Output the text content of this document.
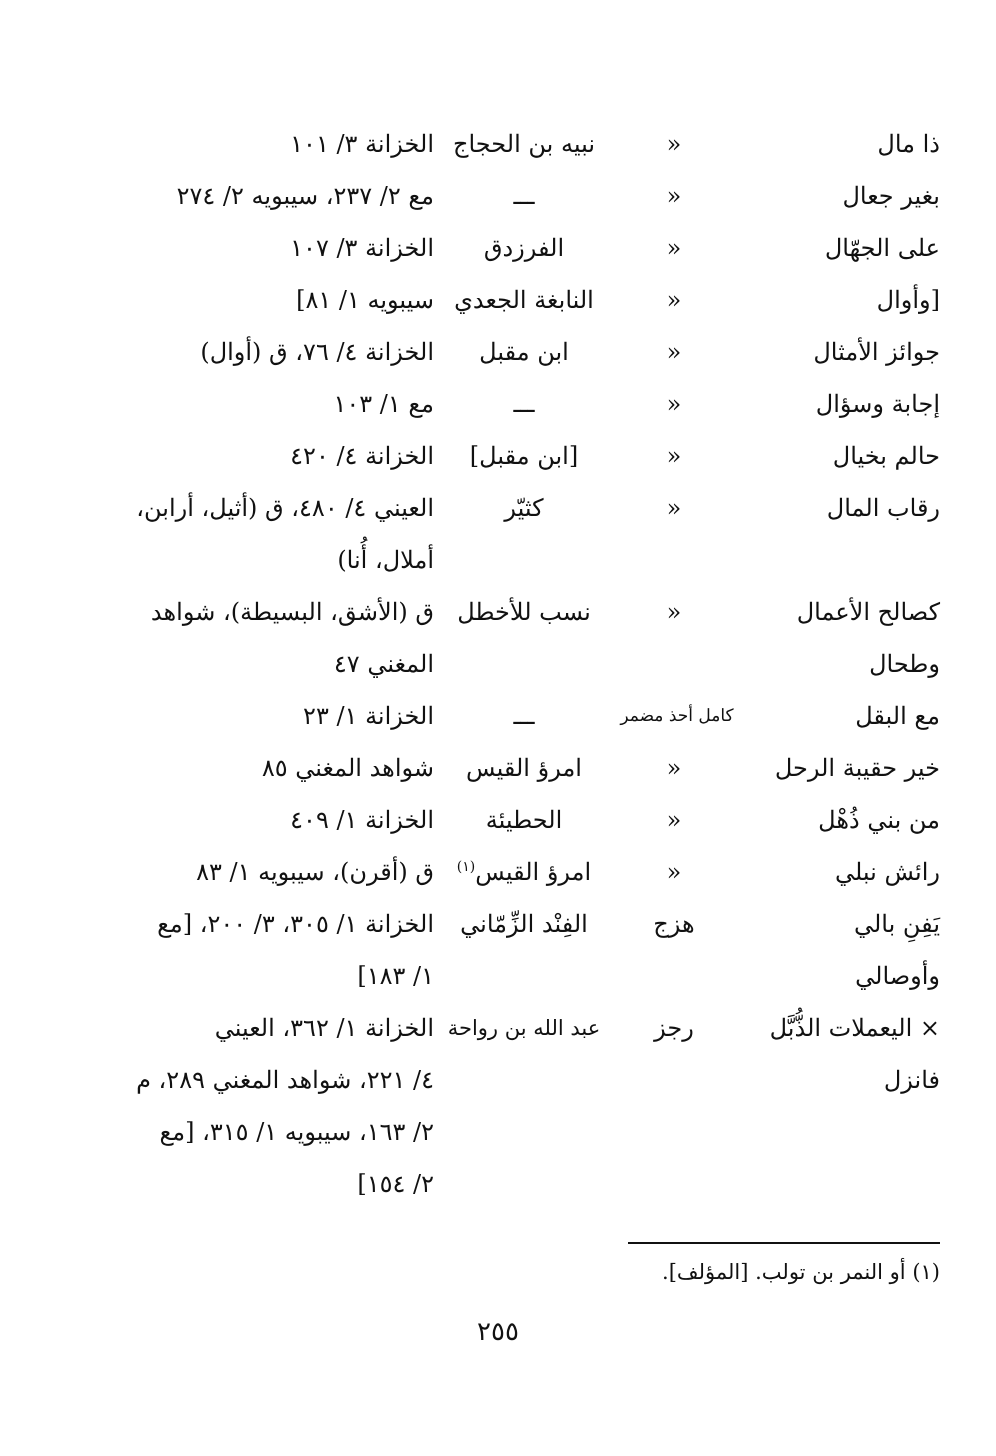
ذا مال
«
نبيه بن الحجاج
الخزانة ٣/ ١٠١
بغير جعال
«
ـــ
مع ٢/ ٢٣٧، سيبويه ٢/ ٢٧٤
على الجهّال
«
الفرزدق
الخزانة ٣/ ١٠٧
[وأوال
«
النابغة الجعدي
سيبويه ١/ ٨١]
جوائز الأمثال
«
ابن مقبل
الخزانة ٤/ ٧٦، ق (أوال)
إجابة وسؤال
«
ـــ
مع ١/ ١٠٣
حالم بخيال
«
[ابن مقبل]
الخزانة ٤/ ٤٢٠
رقاب المال
«
كثيّر
العيني ٤/ ٤٨٠، ق (أثيل، أرابن،
أملال، أُنا)
كصالح الأعمال
وطحال
«
نسب للأخطل
ق (الأشق، البسيطة)، شواهد
المغني ٤٧
مع البقل
كامل أحذ مضمر
ـــ
الخزانة ١/ ٢٣
خير حقيبة الرحل
«
امرؤ القيس
شواهد المغني ٨٥
من بني ذُهْل
«
الحطيئة
الخزانة ١/ ٤٠٩
رائش نبلي
«
امرؤ القيس$^{(١)}$
ق (أقرن)، سيبويه ١/ ٨٣
يَفِنِ بالي
وأوصالي
هزج
الفِنْد الزِّمّاني
الخزانة ١/ ٣٠٥، ٣/ ٢٠٠، [مع
١/ ١٨٣]
× اليعملات الذُّبَّل
فانزل
رجز
عبد الله بن رواحة
الخزانة ١/ ٣٦٢، العيني
٤/ ٢٢١، شواهد المغني ٢٨٩، م
٢/ ١٦٣، سيبويه ١/ ٣١٥، [مع
٢/ ١٥٤]
(١) أو النمر بن تولب. [المؤلف].
٢٥٥
